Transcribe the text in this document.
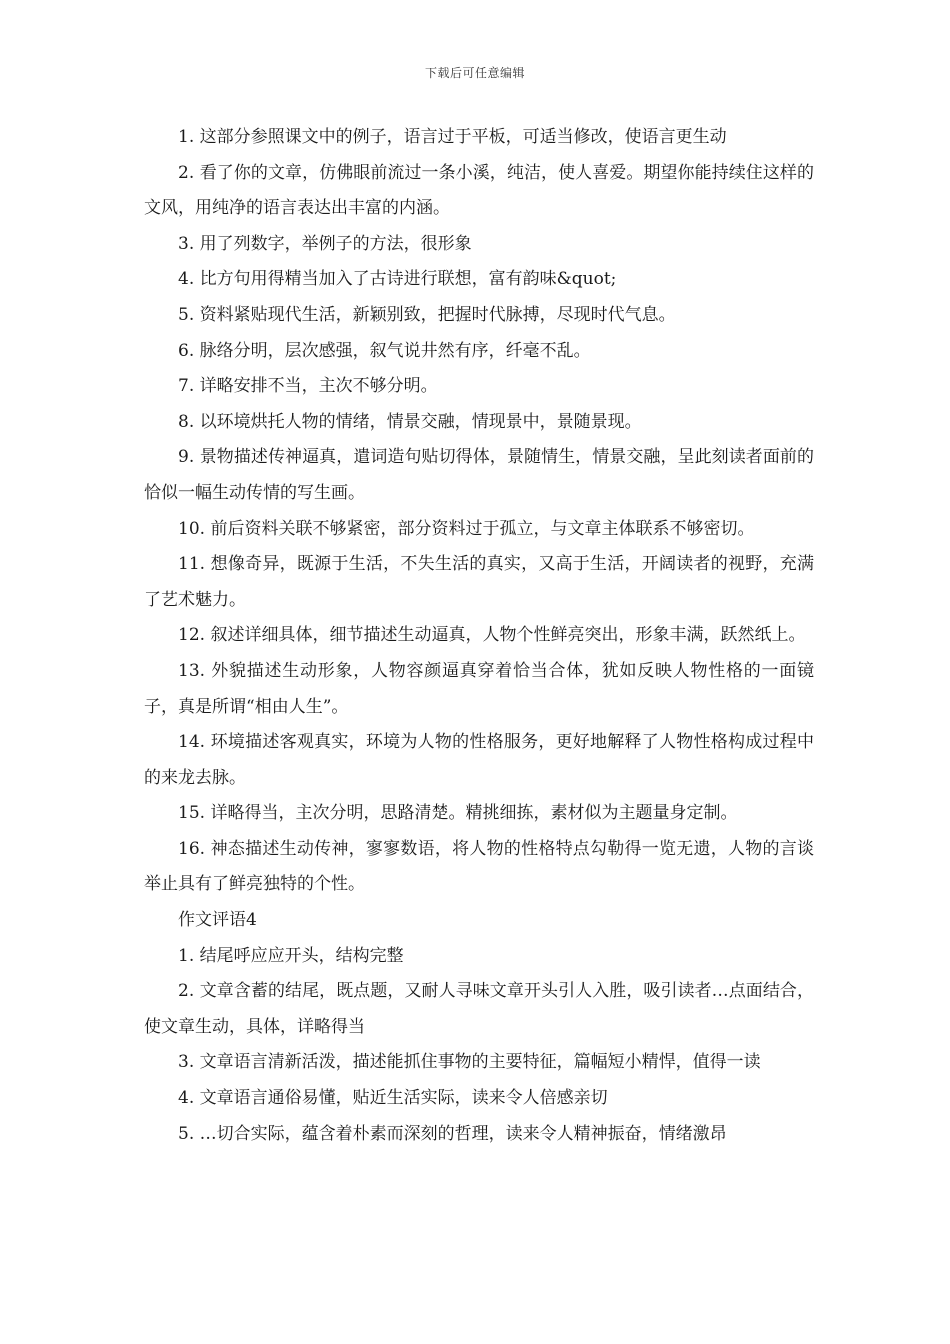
下载后可任意编辑

1. 这部分参照课文中的例子，语言过于平板，可适当修改，使语言更生动

2. 看了你的文章，仿佛眼前流过一条小溪，纯洁，使人喜爱。期望你能持续住这样的文风，用纯净的语言表达出丰富的内涵。

3. 用了列数字，举例子的方法，很形象

4. 比方句用得精当加入了古诗进行联想，富有韵味&quot;

5. 资料紧贴现代生活，新颖别致，把握时代脉搏，尽现时代气息。

6. 脉络分明，层次感强，叙气说井然有序，纤毫不乱。

7. 详略安排不当，主次不够分明。

8. 以环境烘托人物的情绪，情景交融，情现景中，景随景现。

9. 景物描述传神逼真，遣词造句贴切得体，景随情生，情景交融，呈此刻读者面前的恰似一幅生动传情的写生画。

10. 前后资料关联不够紧密，部分资料过于孤立，与文章主体联系不够密切。

11. 想像奇异，既源于生活，不失生活的真实，又高于生活，开阔读者的视野，充满了艺术魅力。

12. 叙述详细具体，细节描述生动逼真，人物个性鲜亮突出，形象丰满，跃然纸上。

13. 外貌描述生动形象，人物容颜逼真穿着恰当合体，犹如反映人物性格的一面镜子，真是所谓“相由人生”。

14. 环境描述客观真实，环境为人物的性格服务，更好地解释了人物性格构成过程中的来龙去脉。

15. 详略得当，主次分明，思路清楚。精挑细拣，素材似为主题量身定制。

16. 神态描述生动传神，寥寥数语，将人物的性格特点勾勒得一览无遗，人物的言谈举止具有了鲜亮独特的个性。

作文评语4

1. 结尾呼应应开头，结构完整

2. 文章含蓄的结尾，既点题，又耐人寻味文章开头引人入胜，吸引读者…点面结合，使文章生动，具体，详略得当

3. 文章语言清新活泼，描述能抓住事物的主要特征，篇幅短小精悍，值得一读

4. 文章语言通俗易懂，贴近生活实际，读来令人倍感亲切

5. …切合实际，蕴含着朴素而深刻的哲理，读来令人精神振奋，情绪激昂
